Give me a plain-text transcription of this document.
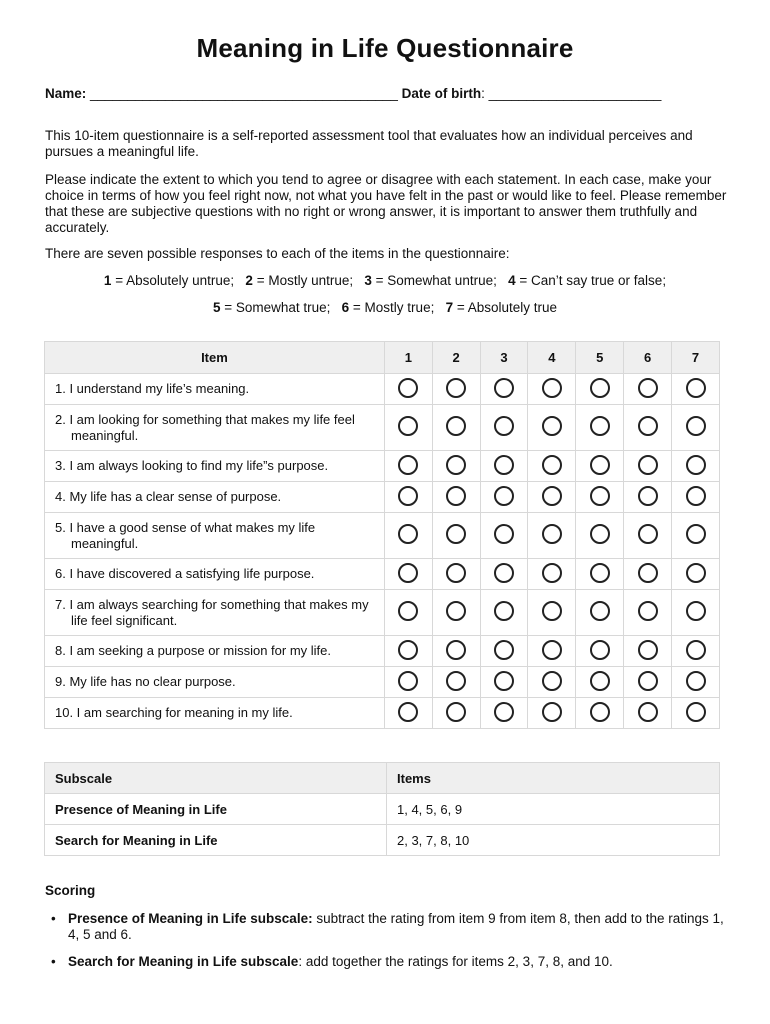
Meaning in Life Questionnaire
Name: _________________________________________ Date of birth: _______________________
This 10-item questionnaire is a self-reported assessment tool that evaluates how an individual perceives and pursues a meaningful life.
Please indicate the extent to which you tend to agree or disagree with each statement. In each case, make your choice in terms of how you feel right now, not what you have felt in the past or would like to feel. Please remember that these are subjective questions with no right or wrong answer, it is important to answer them truthfully and accurately.
There are seven possible responses to each of the items in the questionnaire:
1 = Absolutely untrue; 2 = Mostly untrue; 3 = Somewhat untrue; 4 = Can’t say true or false;
5 = Somewhat true; 6 = Mostly true; 7 = Absolutely true
Item	1	2	3	4	5	6	7

1. I understand my life’s meaning.							

2. I am looking for something that makes my life feel meaningful.							

3. I am always looking to find my life”s purpose.							

4. My life has a clear sense of purpose.							

5. I have a good sense of what makes my life meaningful.							

6. I have discovered a satisfying life purpose.							

7. I am always searching for something that makes my life feel significant.							

8. I am seeking a purpose or mission for my life.							

9. My life has no clear purpose.							

10. I am searching for meaning in my life.							

Subscale	Items
Presence of Meaning in Life	1, 4, 5, 6, 9
Search for Meaning in Life	2, 3, 7, 8, 10
Scoring
• Presence of Meaning in Life subscale: subtract the rating from item 9 from item 8, then add to the ratings 1, 4, 5 and 6.
• Search for Meaning in Life subscale: add together the ratings for items 2, 3, 7, 8, and 10.
